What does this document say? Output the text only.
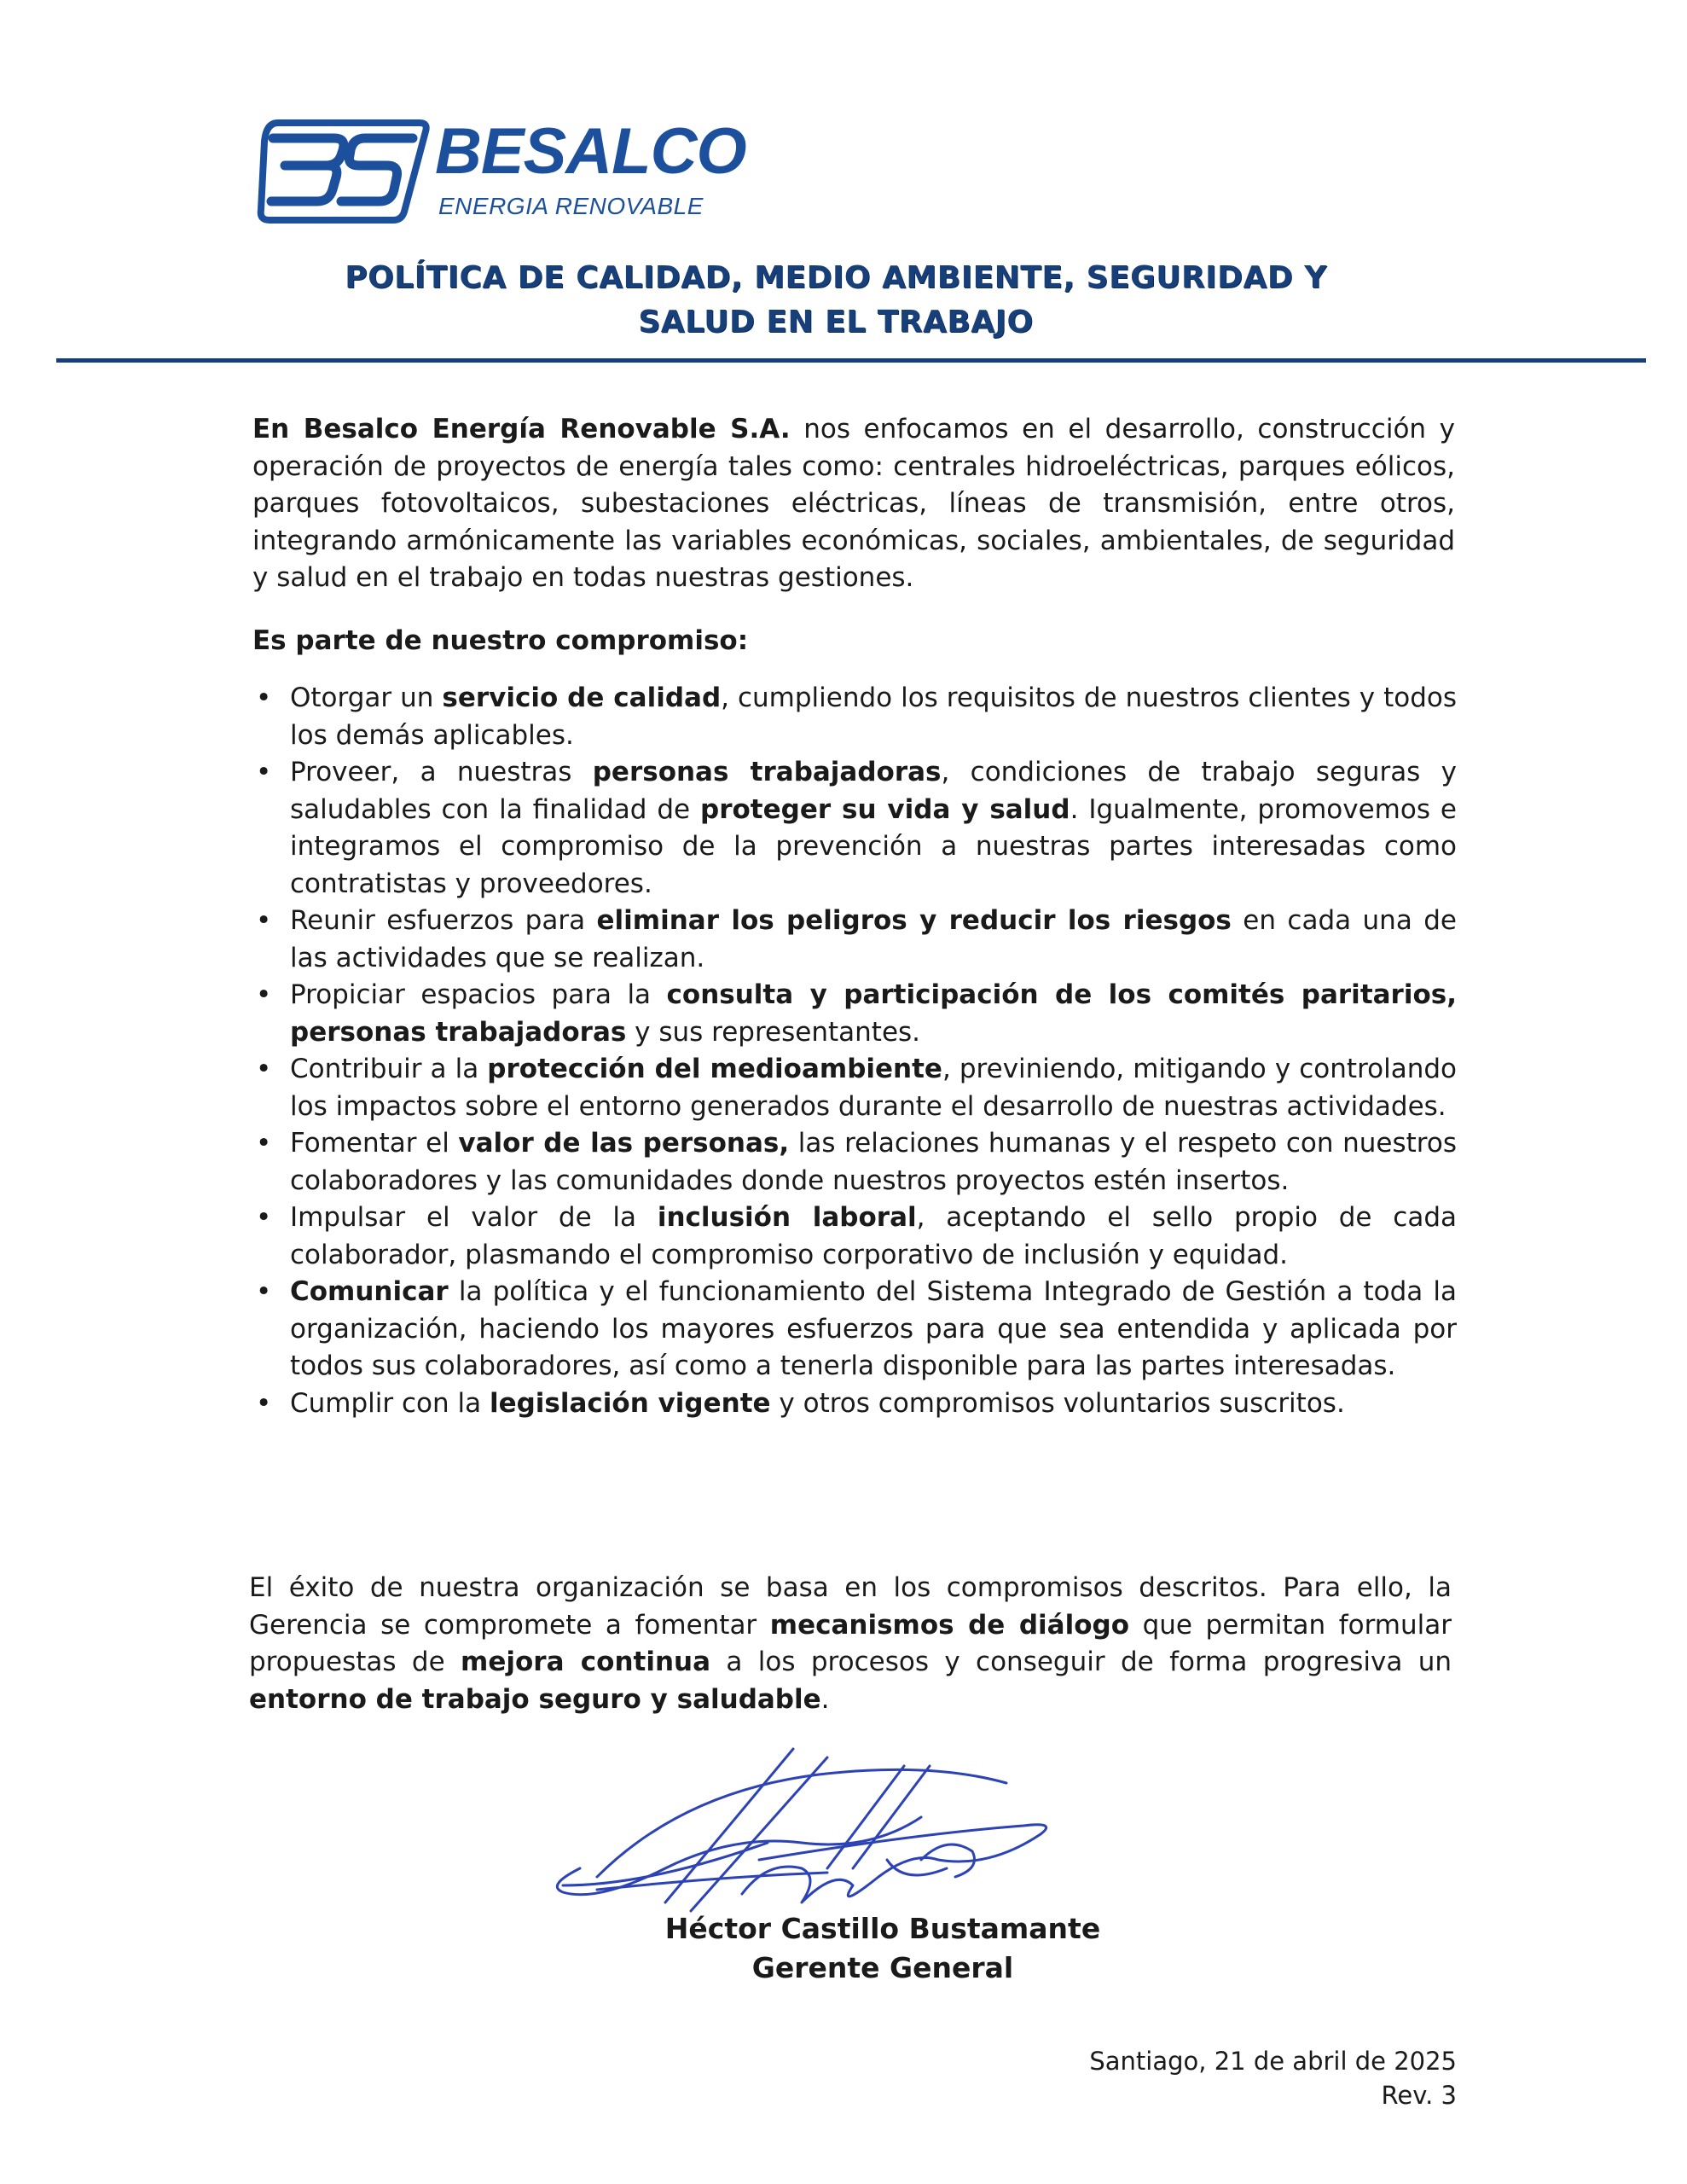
BESALCO
ENERGIA RENOVABLE
POLÍTICA DE CALIDAD, MEDIO AMBIENTE, SEGURIDAD Y
SALUD EN EL TRABAJO
En Besalco Energía Renovable S.A. nos enfocamos en el desarrollo, construcción y operación de proyectos de energía tales como: centrales hidroeléctricas, parques eólicos, parques fotovoltaicos, subestaciones eléctricas, líneas de transmisión, entre otros, integrando armónicamente las variables económicas, sociales, ambientales, de seguridad y salud en el trabajo en todas nuestras gestiones.
Es parte de nuestro compromiso:
• Otorgar un servicio de calidad, cumpliendo los requisitos de nuestros clientes y todos los demás aplicables.
• Proveer, a nuestras personas trabajadoras, condiciones de trabajo seguras y saludables con la finalidad de proteger su vida y salud. Igualmente, promovemos e integramos el compromiso de la prevención a nuestras partes interesadas como contratistas y proveedores.
• Reunir esfuerzos para eliminar los peligros y reducir los riesgos en cada una de las actividades que se realizan.
• Propiciar espacios para la consulta y participación de los comités paritarios, personas trabajadoras y sus representantes.
• Contribuir a la protección del medioambiente, previniendo, mitigando y controlando los impactos sobre el entorno generados durante el desarrollo de nuestras actividades.
• Fomentar el valor de las personas, las relaciones humanas y el respeto con nuestros colaboradores y las comunidades donde nuestros proyectos estén insertos.
• Impulsar el valor de la inclusión laboral, aceptando el sello propio de cada colaborador, plasmando el compromiso corporativo de inclusión y equidad.
• Comunicar la política y el funcionamiento del Sistema Integrado de Gestión a toda la organización, haciendo los mayores esfuerzos para que sea entendida y aplicada por todos sus colaboradores, así como a tenerla disponible para las partes interesadas.
• Cumplir con la legislación vigente y otros compromisos voluntarios suscritos.
El éxito de nuestra organización se basa en los compromisos descritos. Para ello, la Gerencia se compromete a fomentar mecanismos de diálogo que permitan formular propuestas de mejora continua a los procesos y conseguir de forma progresiva un entorno de trabajo seguro y saludable.
Héctor Castillo Bustamante
Gerente General
Santiago, 21 de abril de 2025
Rev. 3
